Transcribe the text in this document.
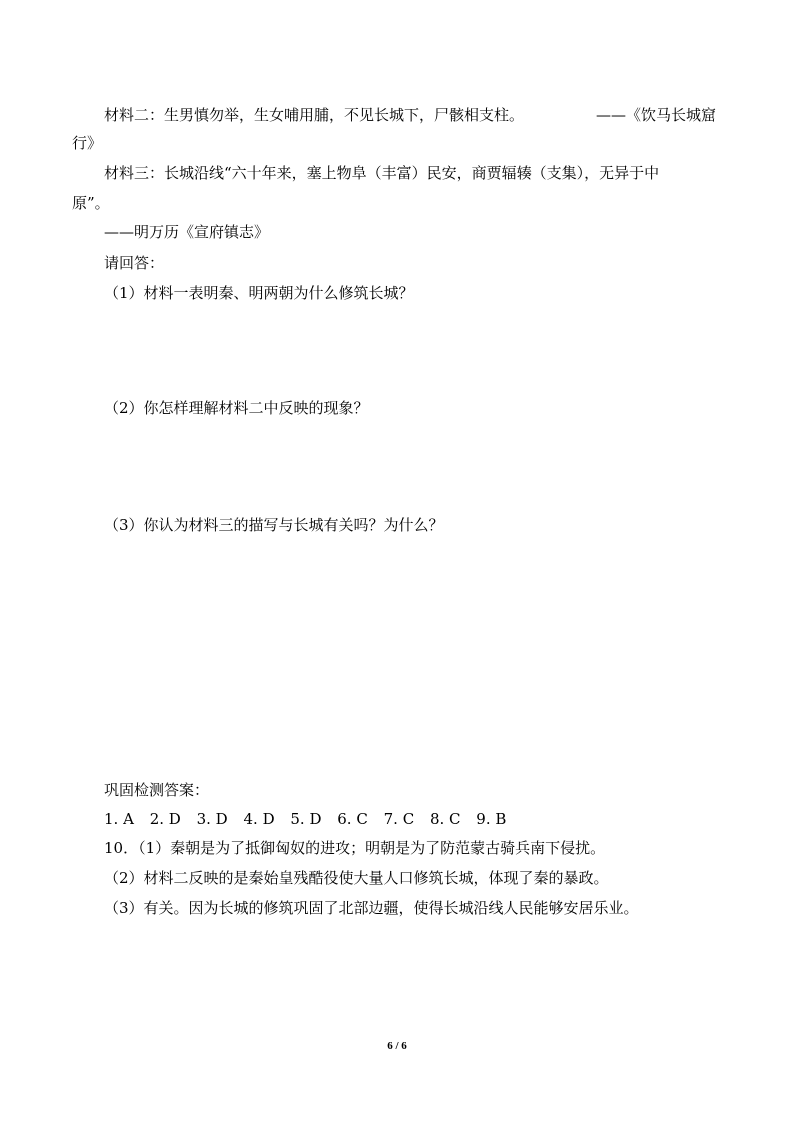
材料二：生男慎勿举，生女哺用脯，不见长城下，尸骸相支柱。	——《饮马长城窟
行》
材料三：长城沿线“六十年来，塞上物阜（丰富）民安，商贾辐辏（支集），无异于中
原”。
——明万历《宣府镇志》
请回答：
（1）材料一表明秦、明两朝为什么修筑长城？
（2）你怎样理解材料二中反映的现象？
（3）你认为材料三的描写与长城有关吗？为什么？
巩固检测答案：
1. A 2. D 3. D 4. D 5. D 6. C 7. C 8. C 9. B
10．（1）秦朝是为了抵御匈奴的进攻；明朝是为了防范蒙古骑兵南下侵扰。
（2）材料二反映的是秦始皇残酷役使大量人口修筑长城，体现了秦的暴政。
（3）有关。因为长城的修筑巩固了北部边疆，使得长城沿线人民能够安居乐业。
6 / 6
